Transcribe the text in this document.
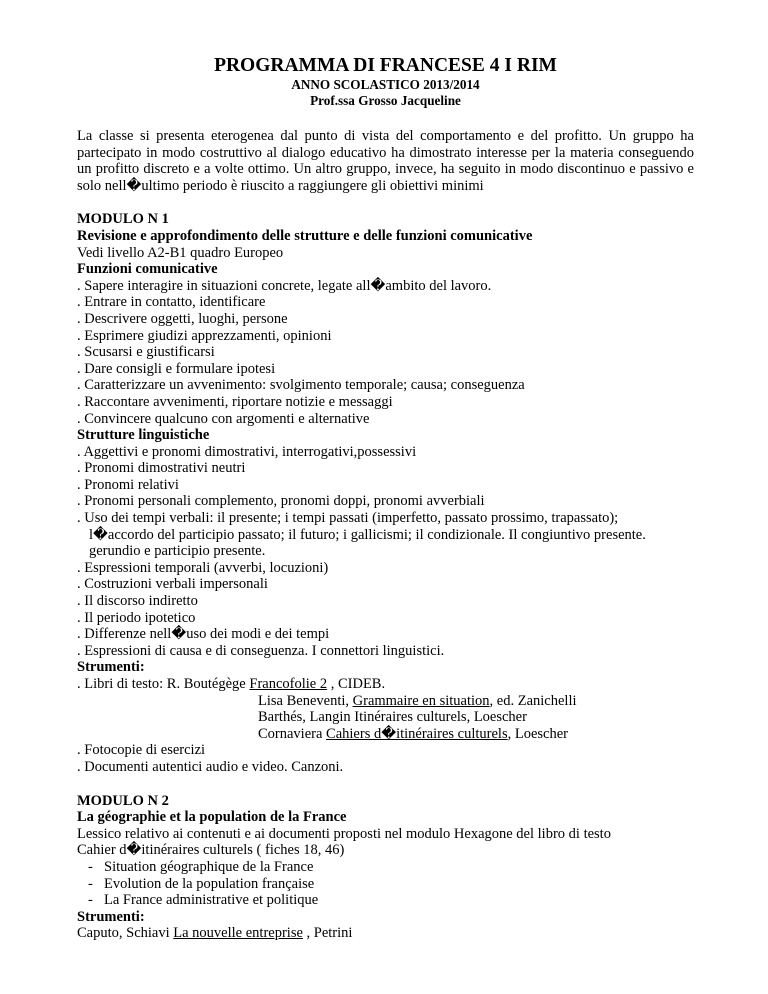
PROGRAMMA DI FRANCESE 4 I RIM

ANNO SCOLASTICO 2013/2014

Prof.ssa Grosso Jacqueline

La classe si presenta eterogenea dal punto di vista del comportamento e del profitto. Un gruppo ha partecipato in modo costruttivo al dialogo educativo ha dimostrato interesse per la materia conseguendo un profitto discreto e a volte ottimo. Un altro gruppo, invece, ha seguito in modo discontinuo e passivo e solo nell�ultimo periodo è riuscito a raggiungere gli obiettivi minimi

MODULO N 1

Revisione e approfondimento delle strutture e delle funzioni comunicative

Vedi livello A2-B1 quadro Europeo

Funzioni comunicative

. Sapere interagire in situazioni concrete, legate all�ambito del lavoro.

. Entrare in contatto, identificare

. Descrivere oggetti, luoghi, persone

. Esprimere giudizi apprezzamenti, opinioni

. Scusarsi e giustificarsi

. Dare consigli e formulare ipotesi

. Caratterizzare un avvenimento: svolgimento temporale; causa; conseguenza

. Raccontare avvenimenti, riportare notizie e messaggi

. Convincere qualcuno con argomenti e alternative

Strutture linguistiche

. Aggettivi e pronomi dimostrativi, interrogativi,possessivi

. Pronomi dimostrativi neutri

. Pronomi relativi

. Pronomi personali complemento, pronomi doppi, pronomi avverbiali

. Uso dei tempi verbali: il presente; i tempi passati (imperfetto, passato prossimo, trapassato);

l�accordo del participio passato; il futuro; i gallicismi; il condizionale. Il congiuntivo presente.

gerundio e participio presente.

. Espressioni temporali (avverbi, locuzioni)

. Costruzioni verbali impersonali

. Il discorso indiretto

. Il periodo ipotetico

. Differenze nell�uso dei modi e dei tempi

. Espressioni di causa e di conseguenza. I connettori linguistici.

Strumenti:

. Libri di testo: R. Boutégège Francofolie 2 , CIDEB.

Lisa Beneventi, Grammaire en situation, ed. Zanichelli

Barthés, Langin Itinéraires culturels, Loescher

Cornaviera Cahiers d�itinéraires culturels, Loescher

. Fotocopie di esercizi

. Documenti autentici audio e video. Canzoni.

MODULO N 2

La géographie et la population de la France

Lessico relativo ai contenuti e ai documenti proposti nel modulo Hexagone del libro di testo

Cahier d�itinéraires culturels ( fiches 18, 46)

- Situation géographique de la France

- Evolution de la population française

- La France administrative et politique

Strumenti:

Caputo, Schiavi La nouvelle entreprise , Petrini
